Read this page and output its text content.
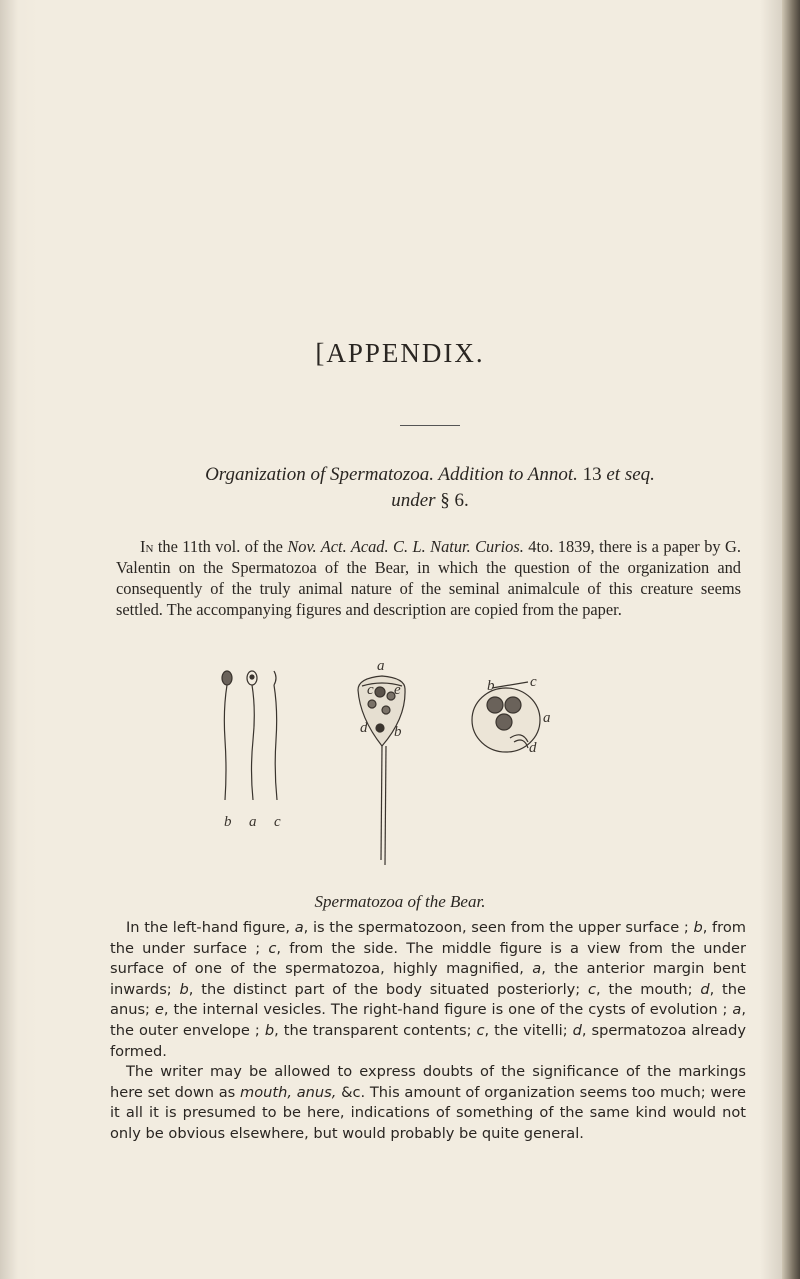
[APPENDIX.
Organization of Spermatozoa. Addition to Annot. 13 et seq.
under § 6.
In the 11th vol. of the Nov. Act. Acad. C. L. Natur. Curios. 4to. 1839, there is a paper by G. Valentin on the Spermatozoa of the Bear, in which the question of the organization and consequently of the truly animal nature of the seminal animalcule of this creature seems settled. The accompanying figures and description are copied from the paper.
b a c
a
c e
d b
b c
a
d
Spermatozoa of the Bear.

In the left-hand figure, a, is the spermatozoon, seen from the upper surface ; b, from the under surface ; c, from the side. The middle figure is a view from the under surface of one of the spermatozoa, highly magnified, a, the anterior margin bent inwards; b, the distinct part of the body situated posteriorly; c, the mouth; d, the anus; e, the internal vesicles. The right-hand figure is one of the cysts of evolution ; a, the outer envelope ; b, the transparent contents; c, the vitelli; d, spermatozoa already formed.

The writer may be allowed to express doubts of the significance of the markings here set down as mouth, anus, &c. This amount of organization seems too much; were it all it is presumed to be here, indications of something of the same kind would not only be obvious elsewhere, but would probably be quite general.
